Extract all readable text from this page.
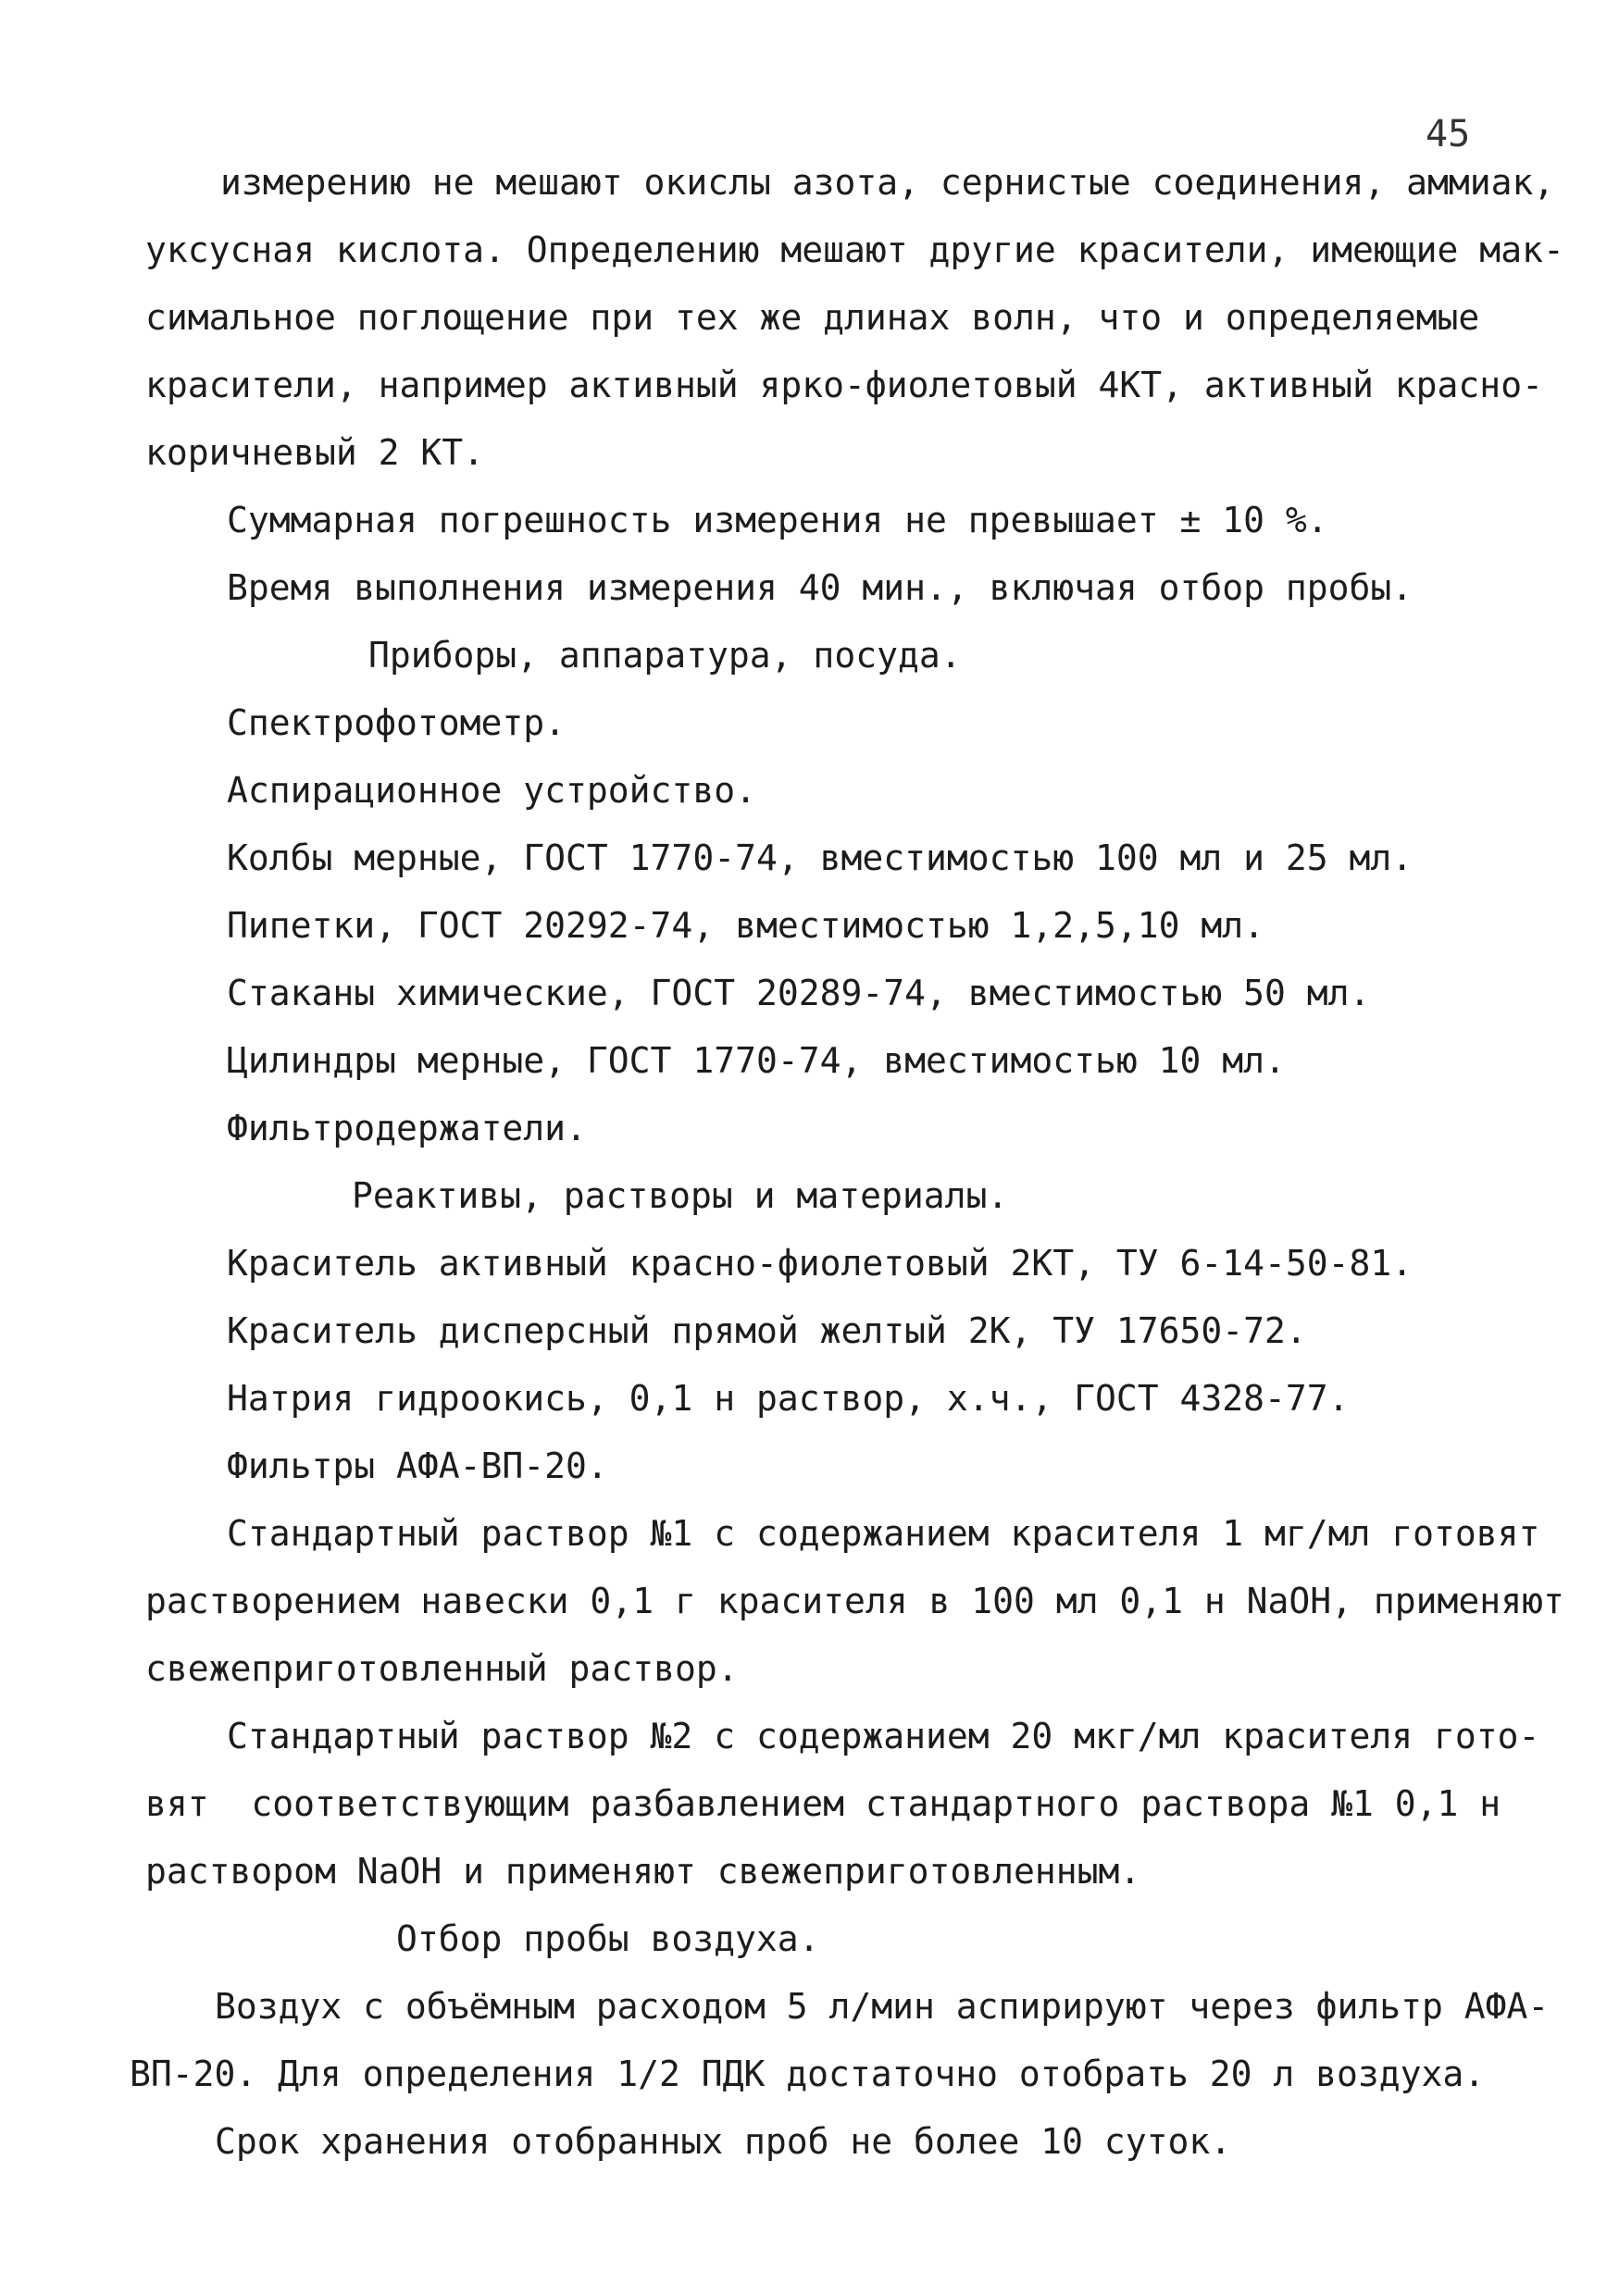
45
измерению не мешают окислы азота, сернистые соединения, аммиак,
уксусная кислота. Определению мешают другие красители, имеющие мак-
симальное поглощение при тех же длинах волн, что и определяемые
красители, например активный ярко-фиолетовый 4КТ, активный красно-
коричневый 2 КТ.
Суммарная погрешность измерения не превышает ± 10 %.
Время выполнения измерения 40 мин., включая отбор пробы.
Приборы, аппаратура, посуда.
Спектрофотометр.
Аспирационное устройство.
Колбы мерные, ГОСТ 1770-74, вместимостью 100 мл и 25 мл.
Пипетки, ГОСТ 20292-74, вместимостью 1,2,5,10 мл.
Стаканы химические, ГОСТ 20289-74, вместимостью 50 мл.
Цилиндры мерные, ГОСТ 1770-74, вместимостью 10 мл.
Фильтродержатели.
Реактивы, растворы и материалы.
Краситель активный красно-фиолетовый 2КТ, ТУ 6-14-50-81.
Краситель дисперсный прямой желтый 2К, ТУ 17650-72.
Натрия гидроокись, 0,1 н раствор, х.ч., ГОСТ 4328-77.
Фильтры АФА-ВП-20.
Стандартный раствор №1 с содержанием красителя 1 мг/мл готовят
растворением навески 0,1 г красителя в 100 мл 0,1 н NaOH, применяют
свежеприготовленный раствор.
Стандартный раствор №2 с содержанием 20 мкг/мл красителя гото-
вят  соответствующим разбавлением стандартного раствора №1 0,1 н
раствором NaOH и применяют свежеприготовленным.
Отбор пробы воздуха.
Воздух с объёмным расходом 5 л/мин аспирируют через фильтр АФА-
ВП-20. Для определения 1/2 ПДК достаточно отобрать 20 л воздуха.
Срок хранения отобранных проб не более 10 суток.
